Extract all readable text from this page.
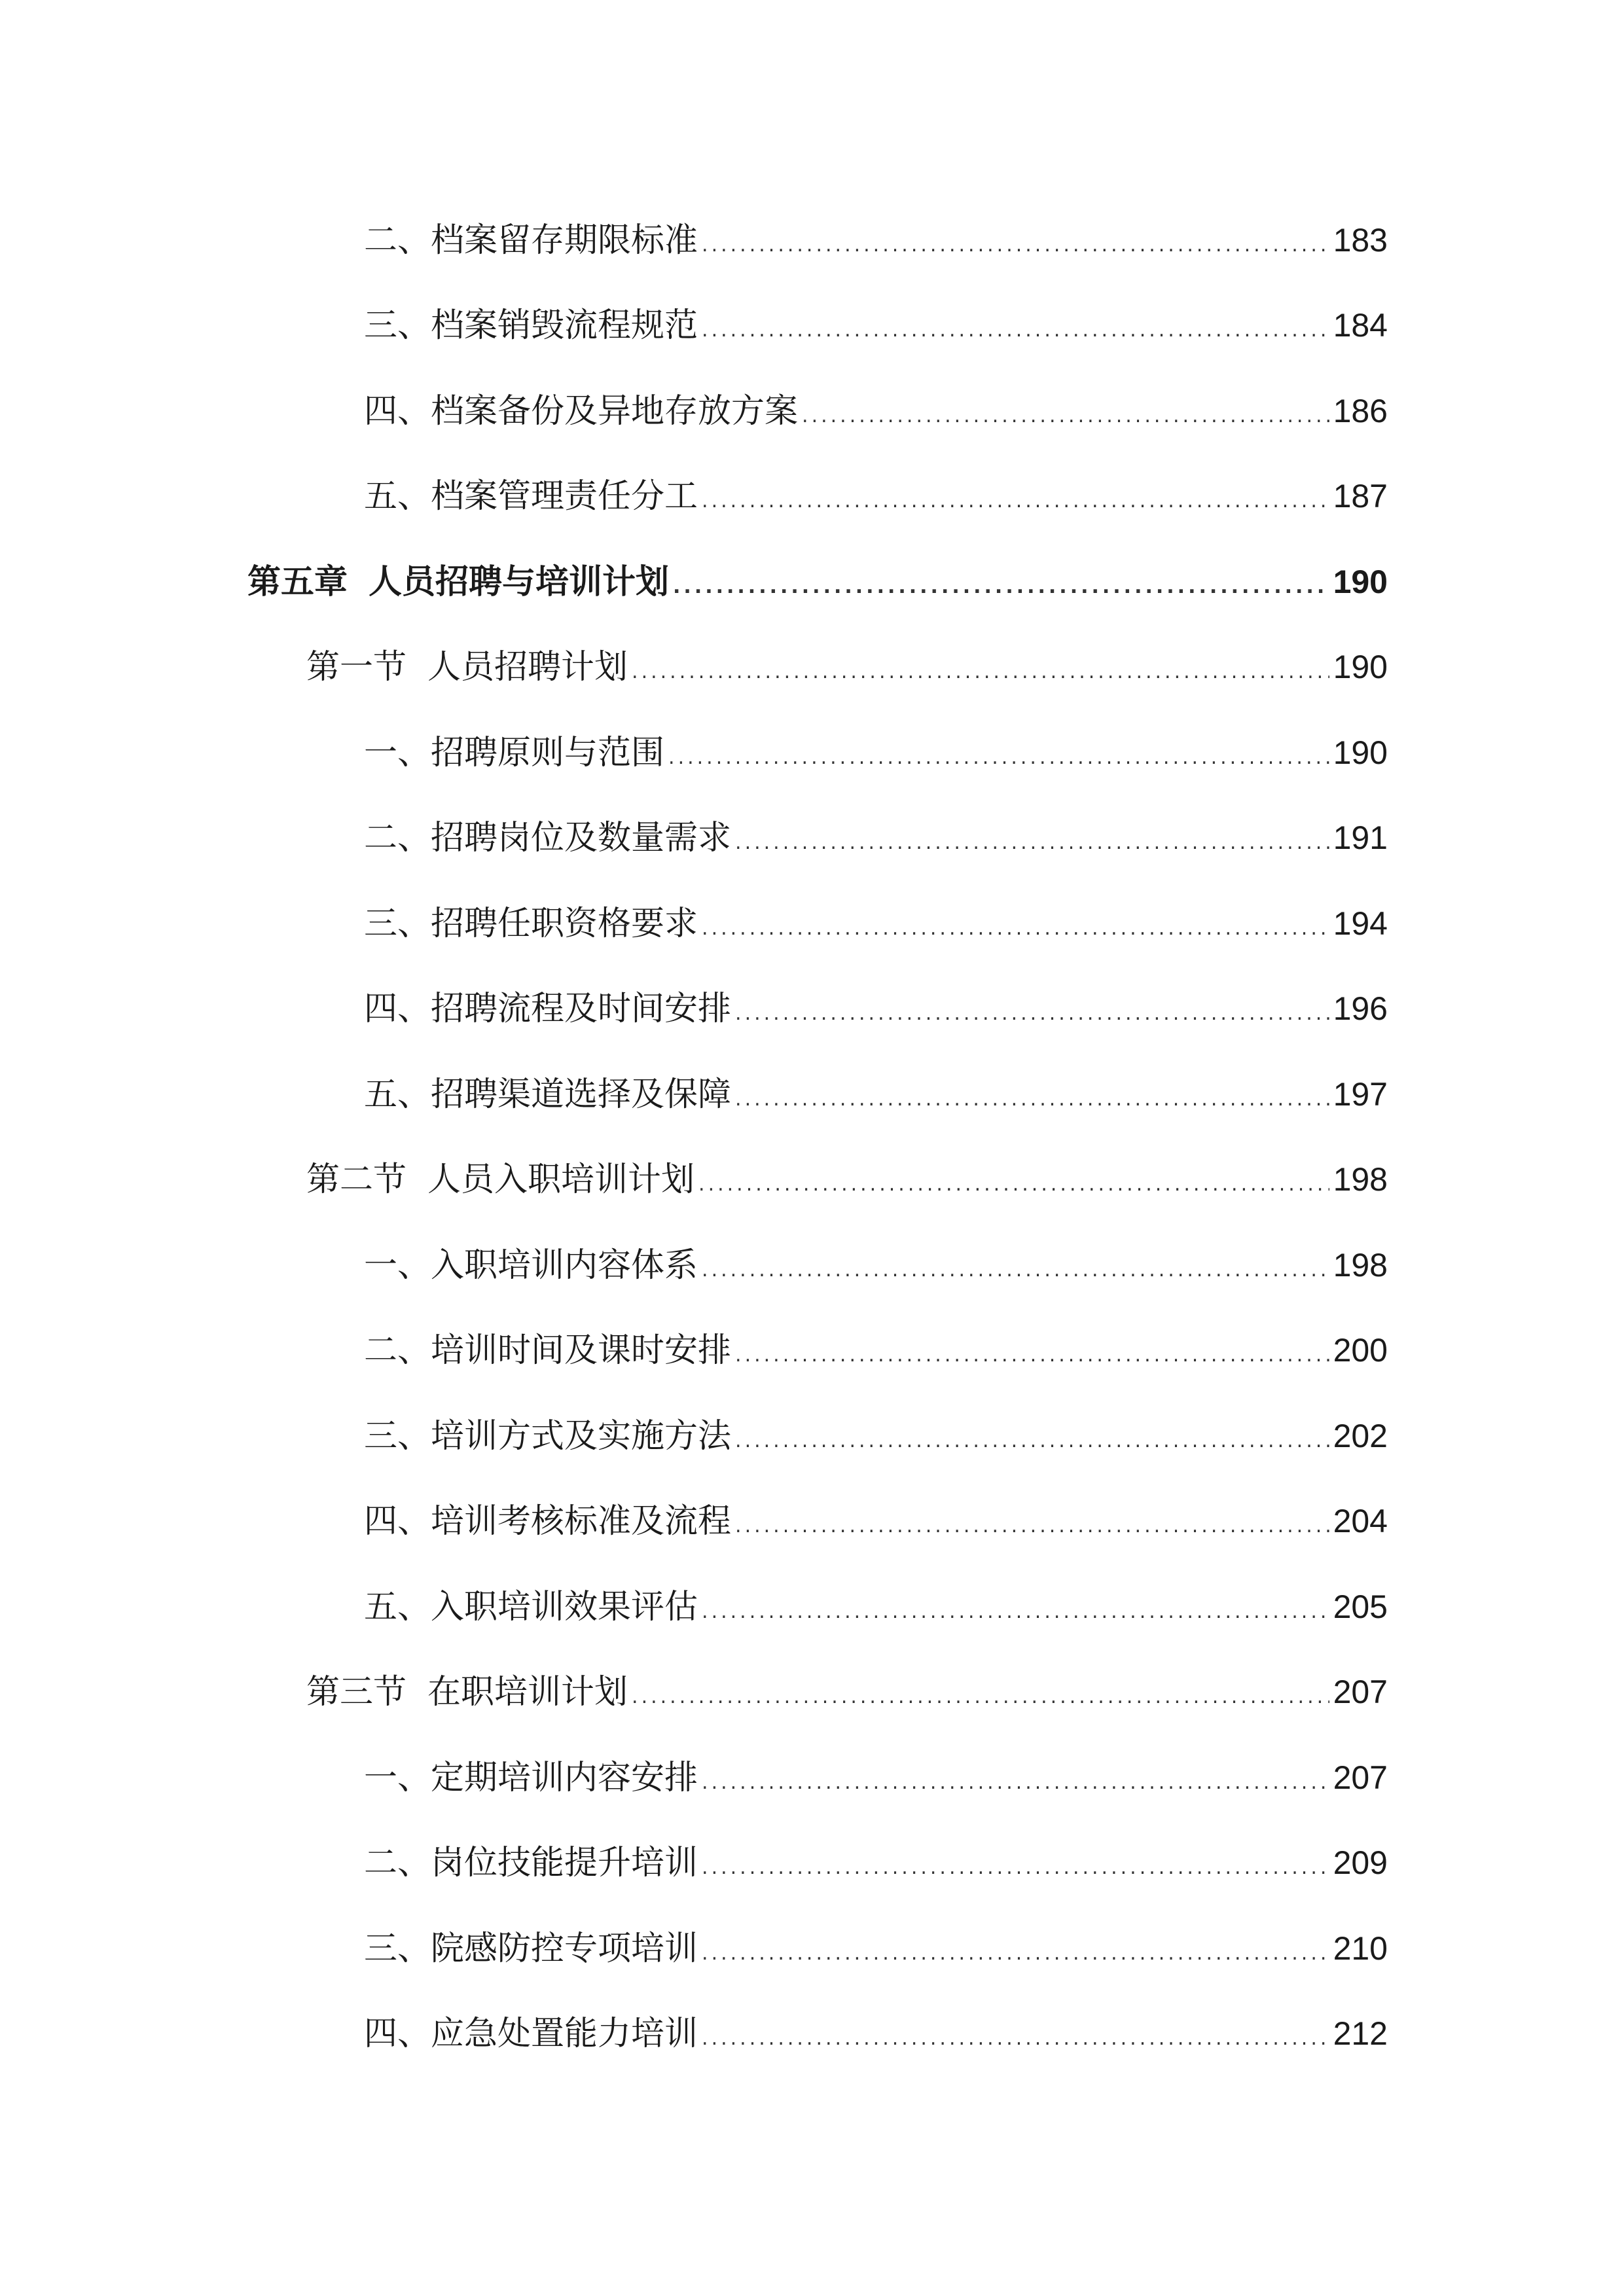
二、档案留存期限标准 .....	183
三、档案销毁流程规范 .....	184
四、档案备份及异地存放方案 .....	186
五、档案管理责任分工 .....	187
第五章 人员招聘与培训计划 .....	190
第一节 人员招聘计划 .....	190
一、招聘原则与范围 .....	190
二、招聘岗位及数量需求 .....	191
三、招聘任职资格要求 .....	194
四、招聘流程及时间安排 .....	196
五、招聘渠道选择及保障 .....	197
第二节 人员入职培训计划 .....	198
一、入职培训内容体系 .....	198
二、培训时间及课时安排 .....	200
三、培训方式及实施方法 .....	202
四、培训考核标准及流程 .....	204
五、入职培训效果评估 .....	205
第三节 在职培训计划 .....	207
一、定期培训内容安排 .....	207
二、岗位技能提升培训 .....	209
三、院感防控专项培训 .....	210
四、应急处置能力培训 .....	212
